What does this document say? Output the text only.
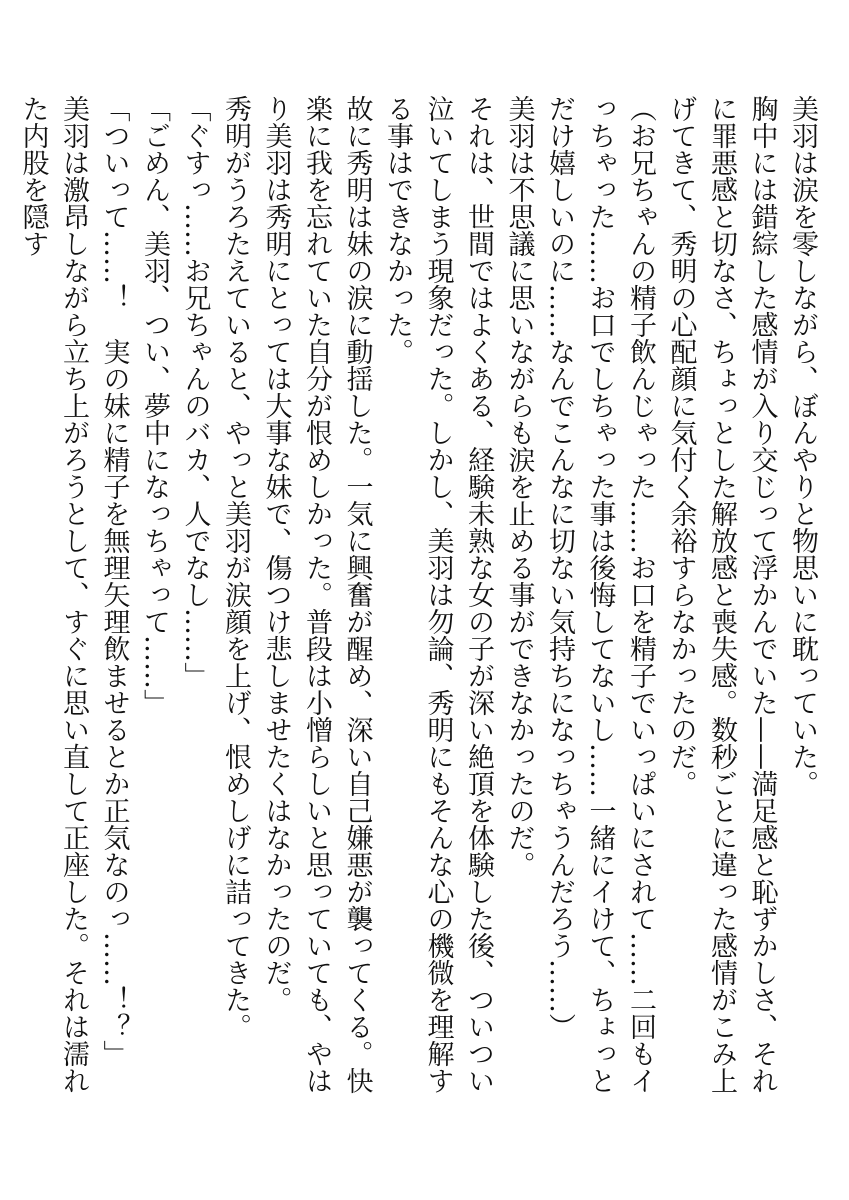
美羽は涙を零しながら、ぼんやりと物思いに耽っていた。

胸中には錯綜した感情が入り交じって浮かんでいた——満足感と恥ずかしさ、それに罪悪感と切なさ、ちょっとした解放感と喪失感。数秒ごとに違った感情がこみ上げてきて、秀明の心配顔に気付く余裕すらなかったのだ。

（お兄ちゃんの精子飲んじゃった……お口を精子でいっぱいにされて……二回もイっちゃった……お口でしちゃった事は後悔してないし……一緒にイけて、ちょっとだけ嬉しいのに……なんでこんなに切ない気持ちになっちゃうんだろう……）

美羽は不思議に思いながらも涙を止める事ができなかったのだ。

それは、世間ではよくある、経験未熟な女の子が深い絶頂を体験した後、ついつい泣いてしまう現象だった。しかし、美羽は勿論、秀明にもそんな心の機微を理解する事はできなかった。

故に秀明は妹の涙に動揺した。一気に興奮が醒め、深い自己嫌悪が襲ってくる。快楽に我を忘れていた自分が恨めしかった。普段は小憎らしいと思っていても、やはり美羽は秀明にとっては大事な妹で、傷つけ悲しませたくはなかったのだ。

秀明がうろたえていると、やっと美羽が涙顔を上げ、恨めしげに詰ってきた。

「ぐすっ……お兄ちゃんのバカ、人でなし……」

「ごめん、美羽、つい、夢中になっちゃって……」

「ついって……！　実の妹に精子を無理矢理飲ませるとか正気なのっ……！？」

美羽は激昂しながら立ち上がろうとして、すぐに思い直して正座した。それは濡れた内股を隠す
